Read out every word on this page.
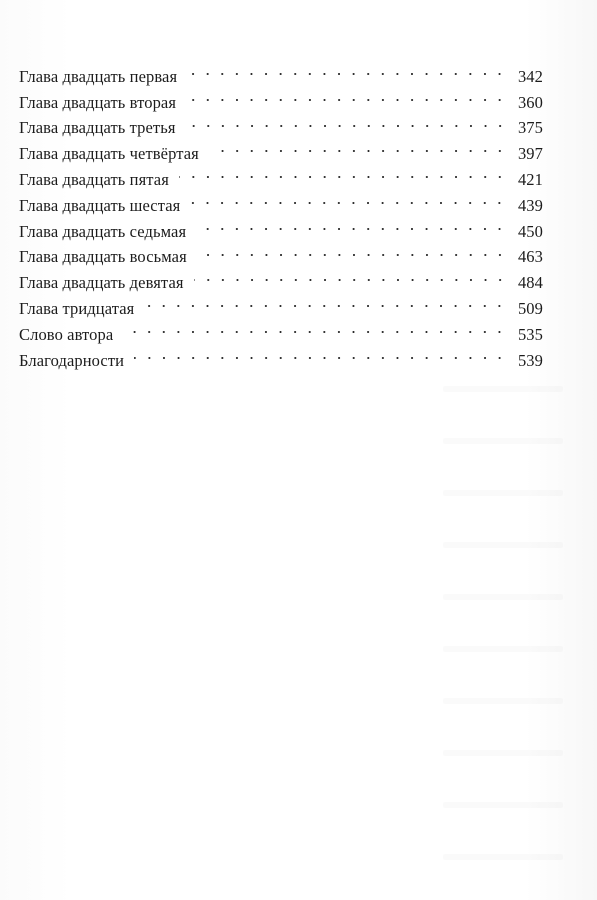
Глава двадцать первая	342
Глава двадцать вторая	360
Глава двадцать третья	375
Глава двадцать четвёртая	397
Глава двадцать пятая	421
Глава двадцать шестая	439
Глава двадцать седьмая	450
Глава двадцать восьмая	463
Глава двадцать девятая	484
Глава тридцатая	509
Слово автора	535
Благодарности	539
